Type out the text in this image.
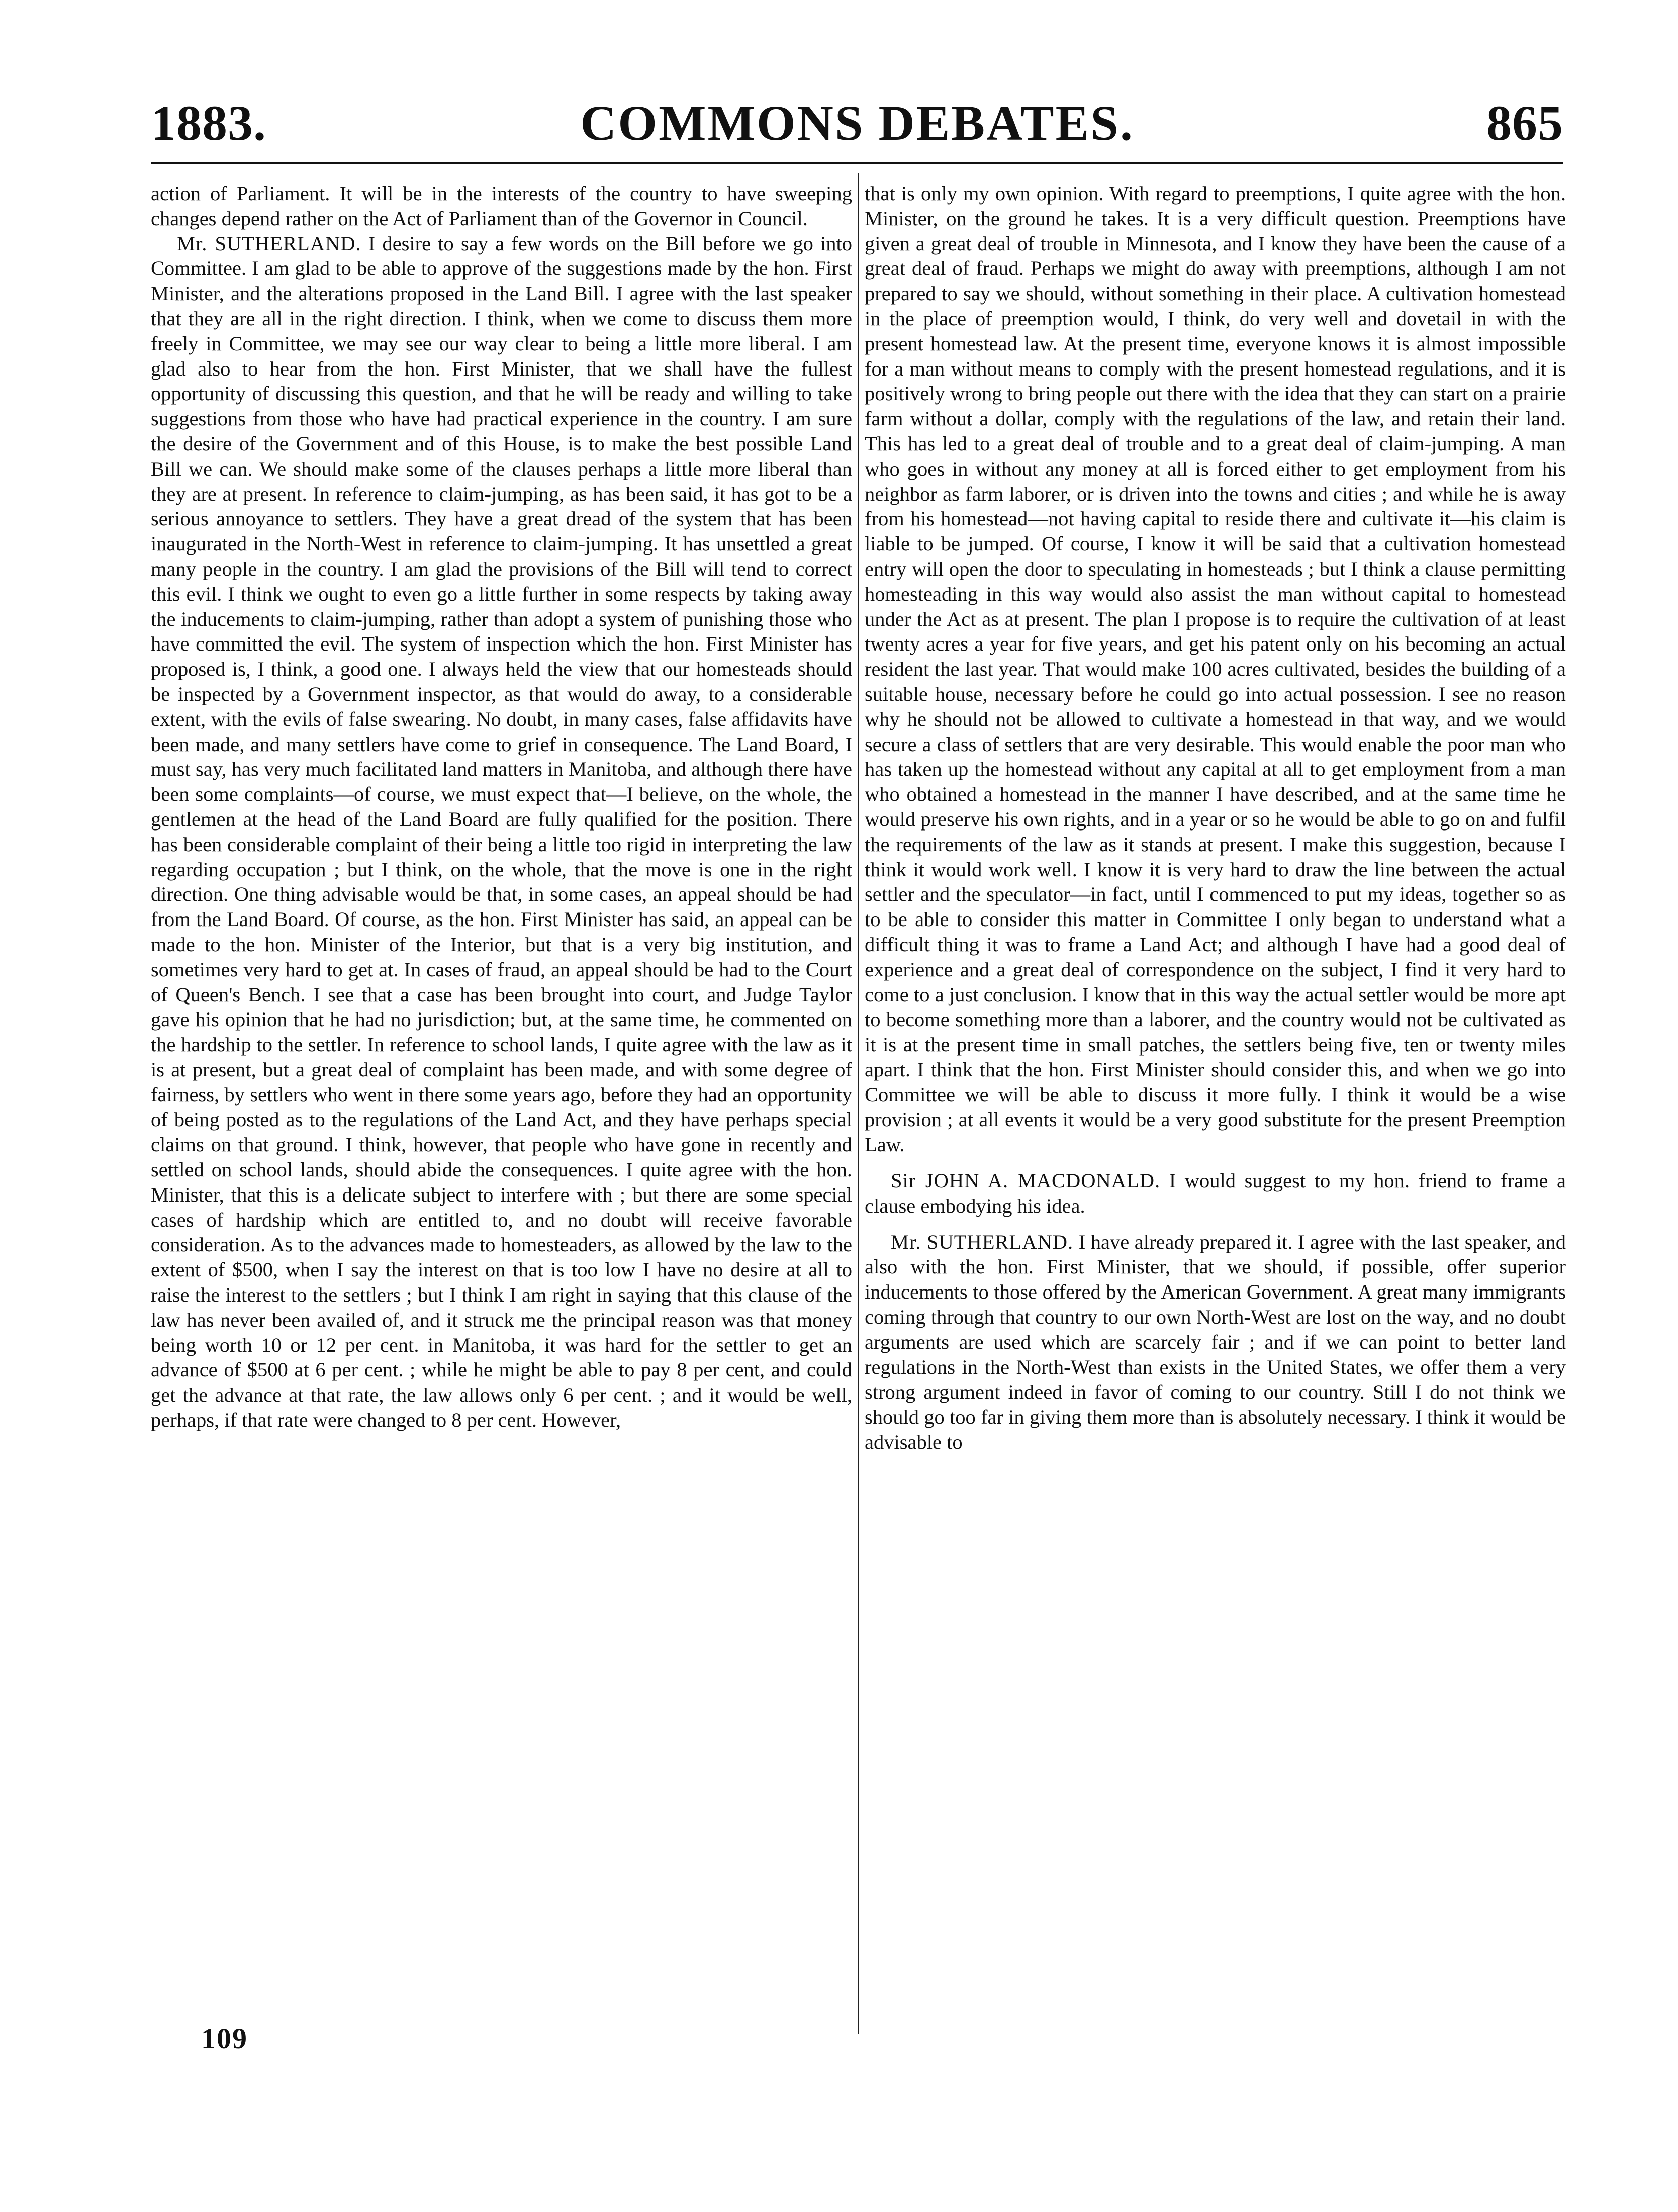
1883.	COMMONS DEBATES.	865

action of Parliament. It will be in the interests of the country to have sweeping changes depend rather on the Act of Parliament than of the Governor in Council.

Mr. SUTHERLAND. I desire to say a few words on the Bill before we go into Committee. I am glad to be able to approve of the suggestions made by the hon. First Minister, and the alterations proposed in the Land Bill. I agree with the last speaker that they are all in the right direction. I think, when we come to discuss them more freely in Committee, we may see our way clear to being a little more liberal. I am glad also to hear from the hon. First Minister, that we shall have the fullest opportunity of discussing this question, and that he will be ready and willing to take suggestions from those who have had practical experience in the country. I am sure the desire of the Government and of this House, is to make the best possible Land Bill we can. We should make some of the clauses perhaps a little more liberal than they are at present. In reference to claim-jumping, as has been said, it has got to be a serious annoyance to settlers. They have a great dread of the system that has been inaugurated in the North-West in reference to claim-jumping. It has unsettled a great many people in the country. I am glad the provisions of the Bill will tend to correct this evil. I think we ought to even go a little further in some respects by taking away the inducements to claim-jumping, rather than adopt a system of punishing those who have committed the evil. The system of inspection which the hon. First Minister has proposed is, I think, a good one. I always held the view that our homesteads should be inspected by a Government inspector, as that would do away, to a considerable extent, with the evils of false swearing. No doubt, in many cases, false affidavits have been made, and many settlers have come to grief in consequence. The Land Board, I must say, has very much facilitated land matters in Manitoba, and although there have been some complaints—of course, we must expect that—I believe, on the whole, the gentlemen at the head of the Land Board are fully qualified for the position. There has been considerable complaint of their being a little too rigid in interpreting the law regarding occupation ; but I think, on the whole, that the move is one in the right direction. One thing advisable would be that, in some cases, an appeal should be had from the Land Board. Of course, as the hon. First Minister has said, an appeal can be made to the hon. Minister of the Interior, but that is a very big institution, and sometimes very hard to get at. In cases of fraud, an appeal should be had to the Court of Queen's Bench. I see that a case has been brought into court, and Judge Taylor gave his opinion that he had no jurisdiction; but, at the same time, he commented on the hardship to the settler. In reference to school lands, I quite agree with the law as it is at present, but a great deal of complaint has been made, and with some degree of fairness, by settlers who went in there some years ago, before they had an opportunity of being posted as to the regulations of the Land Act, and they have perhaps special claims on that ground. I think, however, that people who have gone in recently and settled on school lands, should abide the consequences. I quite agree with the hon. Minister, that this is a delicate subject to interfere with ; but there are some special cases of hardship which are entitled to, and no doubt will receive favorable consideration. As to the advances made to homesteaders, as allowed by the law to the extent of $500, when I say the interest on that is too low I have no desire at all to raise the interest to the settlers ; but I think I am right in saying that this clause of the law has never been availed of, and it struck me the principal reason was that money being worth 10 or 12 per cent. in Manitoba, it was hard for the settler to get an advance of $500 at 6 per cent. ; while he might be able to pay 8 per cent, and could get the advance at that rate, the law allows only 6 per cent. ; and it would be well, perhaps, if that rate were changed to 8 per cent. However,

that is only my own opinion. With regard to preemptions, I quite agree with the hon. Minister, on the ground he takes. It is a very difficult question. Preemptions have given a great deal of trouble in Minnesota, and I know they have been the cause of a great deal of fraud. Perhaps we might do away with preemptions, although I am not prepared to say we should, without something in their place. A cultivation homestead in the place of preemption would, I think, do very well and dovetail in with the present homestead law. At the present time, everyone knows it is almost impossible for a man without means to comply with the present homestead regulations, and it is positively wrong to bring people out there with the idea that they can start on a prairie farm without a dollar, comply with the regulations of the law, and retain their land. This has led to a great deal of trouble and to a great deal of claim-jumping. A man who goes in without any money at all is forced either to get employment from his neighbor as farm laborer, or is driven into the towns and cities ; and while he is away from his homestead—not having capital to reside there and cultivate it—his claim is liable to be jumped. Of course, I know it will be said that a cultivation homestead entry will open the door to speculating in homesteads ; but I think a clause permitting homesteading in this way would also assist the man without capital to homestead under the Act as at present. The plan I propose is to require the cultivation of at least twenty acres a year for five years, and get his patent only on his becoming an actual resident the last year. That would make 100 acres cultivated, besides the building of a suitable house, necessary before he could go into actual possession. I see no reason why he should not be allowed to cultivate a homestead in that way, and we would secure a class of settlers that are very desirable. This would enable the poor man who has taken up the homestead without any capital at all to get employment from a man who obtained a homestead in the manner I have described, and at the same time he would preserve his own rights, and in a year or so he would be able to go on and fulfil the requirements of the law as it stands at present. I make this suggestion, because I think it would work well. I know it is very hard to draw the line between the actual settler and the speculator—in fact, until I commenced to put my ideas, together so as to be able to consider this matter in Committee I only began to understand what a difficult thing it was to frame a Land Act; and although I have had a good deal of experience and a great deal of correspondence on the subject, I find it very hard to come to a just conclusion. I know that in this way the actual settler would be more apt to become something more than a laborer, and the country would not be cultivated as it is at the present time in small patches, the settlers being five, ten or twenty miles apart. I think that the hon. First Minister should consider this, and when we go into Committee we will be able to discuss it more fully. I think it would be a wise provision ; at all events it would be a very good substitute for the present Preemption Law.

Sir JOHN A. MACDONALD. I would suggest to my hon. friend to frame a clause embodying his idea.

Mr. SUTHERLAND. I have already prepared it. I agree with the last speaker, and also with the hon. First Minister, that we should, if possible, offer superior inducements to those offered by the American Government. A great many immigrants coming through that country to our own North-West are lost on the way, and no doubt arguments are used which are scarcely fair ; and if we can point to better land regulations in the North-West than exists in the United States, we offer them a very strong argument indeed in favor of coming to our country. Still I do not think we should go too far in giving them more than is absolutely necessary. I think it would be advisable to

109
